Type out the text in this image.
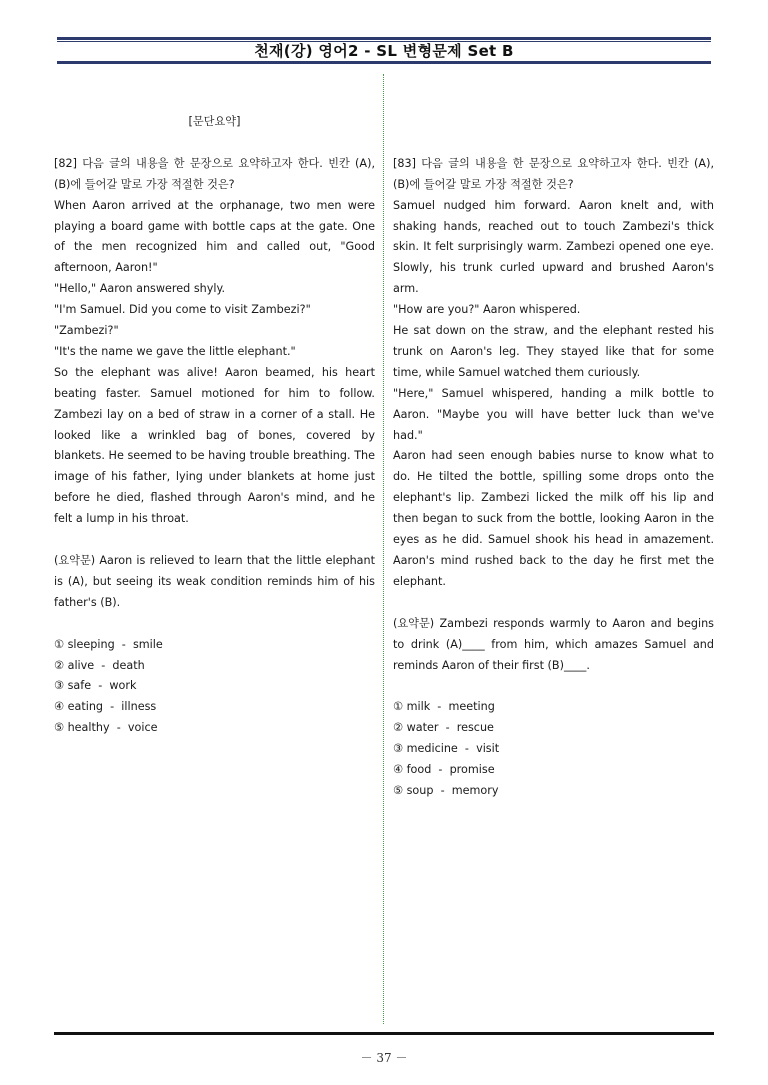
천재(강) 영어2 - SL 변형문제 Set B

[문단요약]

[82] 다음 글의 내용을 한 문장으로 요약하고자 한다. 빈칸 (A),(B)에 들어갈 말로 가장 적절한 것은?

When Aaron arrived at the orphanage, two men were playing a board game with bottle caps at the gate. One of the men recognized him and called out, "Good afternoon, Aaron!"

"Hello," Aaron answered shyly.

"I'm Samuel. Did you come to visit Zambezi?"

"Zambezi?"

"It's the name we gave the little elephant."

So the elephant was alive! Aaron beamed, his heart beating faster. Samuel motioned for him to follow. Zambezi lay on a bed of straw in a corner of a stall. He looked like a wrinkled bag of bones, covered by blankets. He seemed to be having trouble breathing. The image of his father, lying under blankets at home just before he died, flashed through Aaron's mind, and he felt a lump in his throat.

(요약문) Aaron is relieved to learn that the little elephant is (A), but seeing its weak condition reminds him of his father's (B).

① sleeping  -  smile

② alive  -  death

③ safe  -  work

④ eating  -  illness

⑤ healthy  -  voice

[83] 다음 글의 내용을 한 문장으로 요약하고자 한다. 빈칸 (A),(B)에 들어갈 말로 가장 적절한 것은?

Samuel nudged him forward. Aaron knelt and, with shaking hands, reached out to touch Zambezi's thick skin. It felt surprisingly warm. Zambezi opened one eye. Slowly, his trunk curled upward and brushed Aaron's arm.

"How are you?" Aaron whispered.

He sat down on the straw, and the elephant rested his trunk on Aaron's leg. They stayed like that for some time, while Samuel watched them curiously.

"Here," Samuel whispered, handing a milk bottle to Aaron. "Maybe you will have better luck than we've had."

Aaron had seen enough babies nurse to know what to do. He tilted the bottle, spilling some drops onto the elephant's lip. Zambezi licked the milk off his lip and then began to suck from the bottle, looking Aaron in the eyes as he did. Samuel shook his head in amazement. Aaron's mind rushed back to the day he first met the elephant.

(요약문) Zambezi responds warmly to Aaron and begins to drink (A)____ from him, which amazes Samuel and reminds Aaron of their first (B)____.

① milk  -  meeting

② water  -  rescue

③ medicine  -  visit

④ food  -  promise

⑤ soup  -  memory

－ 37 －
